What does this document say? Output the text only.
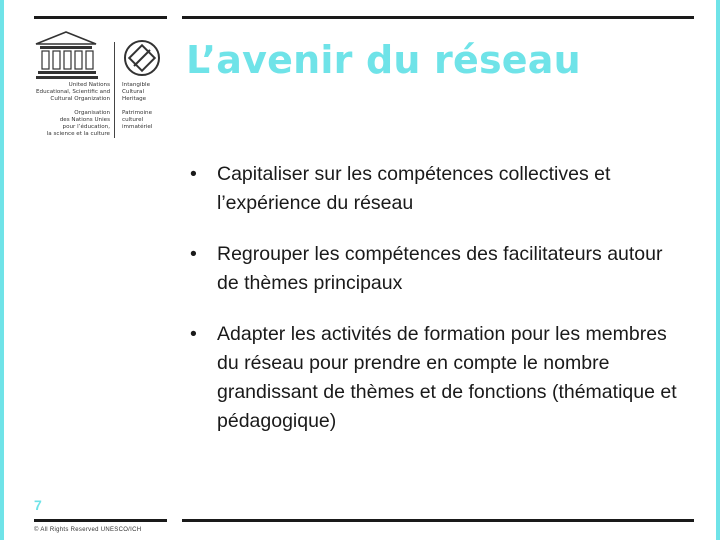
United Nations
Educational, Scientific and
Cultural Organization

Organisation
des Nations Unies
pour l’éducation,
la science et la culture
Intangible
Cultural
Heritage

Patrimoine
culturel
immatériel
L’avenir du réseau
• Capitaliser sur les compétences collectives et l’expérience du réseau
• Regrouper les compétences des facilitateurs autour de thèmes principaux
• Adapter les activités de formation pour les membres du réseau pour prendre en compte le nombre grandissant de thèmes et de fonctions (thématique et pédagogique)
7
© All Rights Reserved UNESCO/ICH
